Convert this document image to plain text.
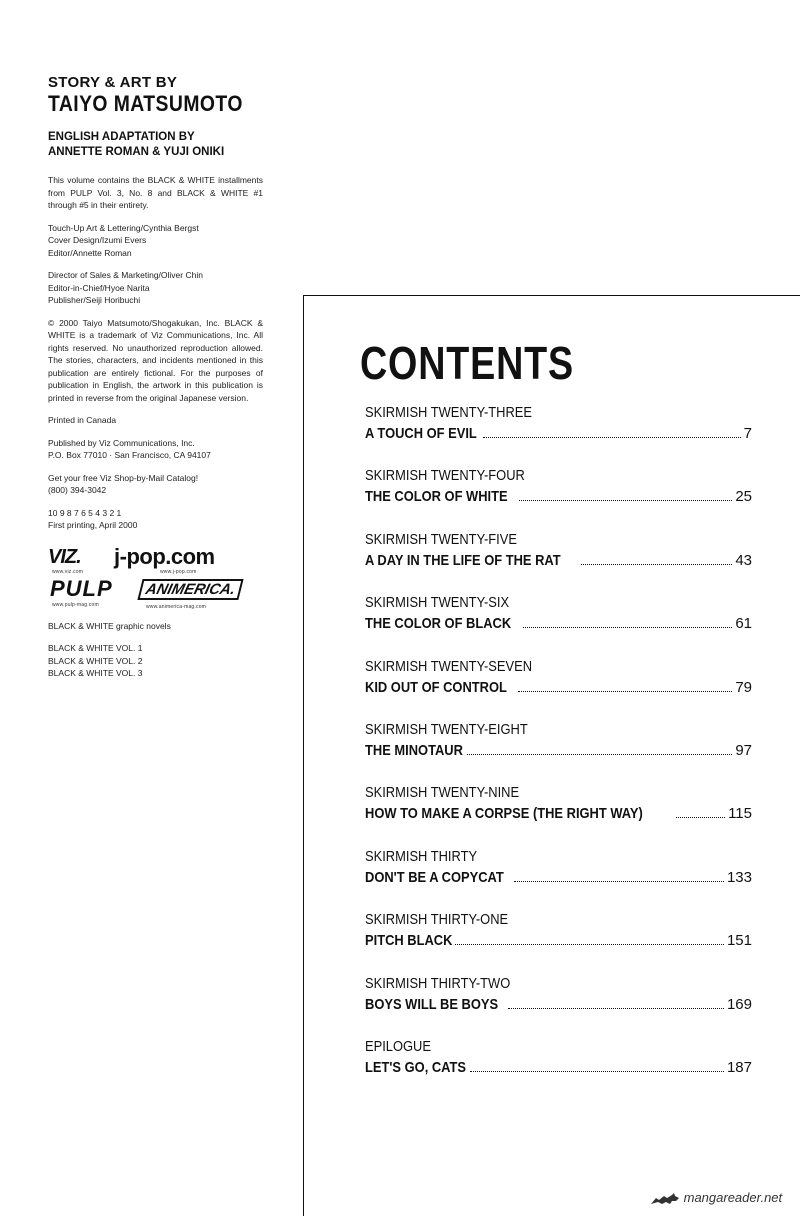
STORY & ART BY
TAIYO MATSUMOTO
ENGLISH ADAPTATION BY
ANNETTE ROMAN & YUJI ONIKI
This volume contains the BLACK & WHITE installments from PULP Vol. 3, No. 8 and BLACK & WHITE #1 through #5 in their entirety.

Touch-Up Art & Lettering/Cynthia Bergst

Cover Design/Izumi Evers

Editor/Annette Roman

Director of Sales & Marketing/Oliver Chin

Editor-in-Chief/Hyoe Narita

Publisher/Seiji Horibuchi

© 2000 Taiyo Matsumoto/Shogakukan, Inc. BLACK & WHITE is a trademark of Viz Communications, Inc. All rights reserved. No unauthorized reproduction allowed. The stories, characters, and incidents mentioned in this publication are entirely fictional. For the purposes of publication in English, the artwork in this publication is printed in reverse from the original Japanese version.
Printed in Canada

Published by Viz Communications, Inc.

P.O. Box 77010 · San Francisco, CA 94107

Get your free Viz Shop-by-Mail Catalog!

(800) 394-3042

10 9 8 7 6 5 4 3 2 1

First printing, April 2000

VIZ.
www.viz.com
j-pop.com
www.j-pop.com
PULP
www.pulp-mag.com
ANIMERICA.
www.animerica-mag.com
BLACK & WHITE graphic novels

BLACK & WHITE VOL. 1

BLACK & WHITE VOL. 2

BLACK & WHITE VOL. 3

CONTENTS
SKIRMISH TWENTY-THREE
A TOUCH OF EVIL	7
SKIRMISH TWENTY-FOUR
THE COLOR OF WHITE	25
SKIRMISH TWENTY-FIVE
A DAY IN THE LIFE OF THE RAT	43
SKIRMISH TWENTY-SIX
THE COLOR OF BLACK	61
SKIRMISH TWENTY-SEVEN
KID OUT OF CONTROL	79
SKIRMISH TWENTY-EIGHT
THE MINOTAUR	97
SKIRMISH TWENTY-NINE
HOW TO MAKE A CORPSE (THE RIGHT WAY)	115
SKIRMISH THIRTY
DON'T BE A COPYCAT	133
SKIRMISH THIRTY-ONE
PITCH BLACK	151
SKIRMISH THIRTY-TWO
BOYS WILL BE BOYS	169
EPILOGUE
LET'S GO, CATS	187
mangareader.net
